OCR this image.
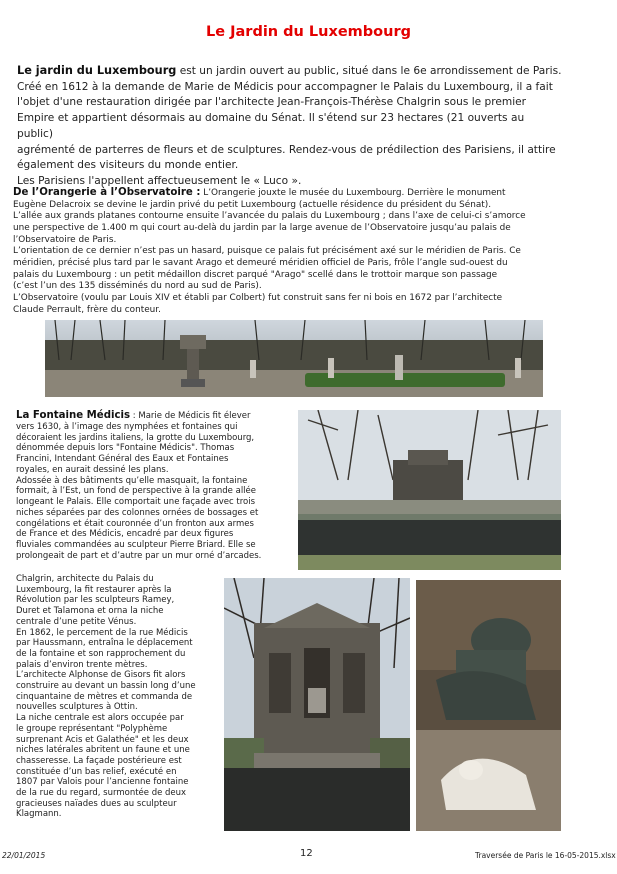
Le Jardin du Luxembourg

Le jardin du Luxembourg est un jardin ouvert au public, situé dans le 6e arrondissement de Paris.

Créé en 1612 à la demande de Marie de Médicis pour accompagner le Palais du Luxembourg, il a fait

l'objet d'une restauration dirigée par l'architecte Jean-François-Thérèse Chalgrin sous le premier

Empire et appartient désormais au domaine du Sénat. Il s'étend sur 23 hectares (21 ouverts au public)

agrémenté de parterres de fleurs et de sculptures. Rendez-vous de prédilection des Parisiens, il attire

également des visiteurs du monde entier.

Les Parisiens l'appellent affectueusement le « Luco ».

De l’Orangerie à l’Observatoire : L’Orangerie jouxte le musée du Luxembourg. Derrière le monument

Eugène Delacroix se devine le jardin privé du petit Luxembourg (actuelle résidence du président du Sénat).

L’allée aux grands platanes contourne ensuite l’avancée du palais du Luxembourg ; dans l’axe de celui-ci s’amorce

une perspective de 1.400 m qui court au-delà du jardin par la large avenue de l’Observatoire jusqu’au palais de

l’Observatoire de Paris.

L’orientation de ce dernier n’est pas un hasard, puisque ce palais fut précisément axé sur le méridien de Paris. Ce

méridien, précisé plus tard par le savant Arago et demeuré méridien officiel de Paris, frôle l’angle sud-ouest du

palais du Luxembourg : un petit médaillon discret parqué "Arago" scellé dans le trottoir marque son passage

(c’est l’un des 135 disséminés du nord au sud de Paris).

L’Observatoire (voulu par Louis XIV et établi par Colbert) fut construit sans fer ni bois en 1672 par l’architecte

Claude Perrault, frère du conteur.

La Fontaine Médicis : Marie de Médicis fit élever

vers 1630, à l’image des nymphées et fontaines qui

décoraient les jardins italiens, la grotte du Luxembourg,

dénommée depuis lors "Fontaine Médicis". Thomas

Francini, Intendant Général des Eaux et Fontaines

royales, en aurait dessiné les plans.

Adossée à des bâtiments qu’elle masquait, la fontaine

formait, à l’Est, un fond de perspective à la grande allée

longeant le Palais. Elle comportait une façade avec trois

niches séparées par des colonnes ornées de bossages et

congélations et était couronnée d’un fronton aux armes

de France et des Médicis, encadré par deux figures

fluviales commandées au sculpteur Pierre Briard. Elle se

prolongeait de part et d’autre par un mur orné d’arcades.

Chalgrin, architecte du Palais du

Luxembourg, la fit restaurer après la

Révolution par les sculpteurs Ramey,

Duret et Talamona et orna la niche

centrale d’une petite Vénus.

En 1862, le percement de la rue Médicis

par Haussmann, entraîna le déplacement

de la fontaine et son rapprochement du

palais d’environ trente mètres.

L’architecte Alphonse de Gisors fit alors

construire au devant un bassin long d’une

cinquantaine de mètres et commanda de

nouvelles sculptures à Ottin.

La niche centrale est alors occupée par

le groupe représentant "Polyphème

surprenant Acis et Galathée" et les deux

niches latérales abritent un faune et une

chasseresse. La façade postérieure est

constituée d’un bas relief, exécuté en

1807 par Valois pour l’ancienne fontaine

de la rue du regard, surmontée de deux

gracieuses naïades dues au sculpteur

Klagmann.

22/01/2015	12	Traversée de Paris le 16-05-2015.xlsx
